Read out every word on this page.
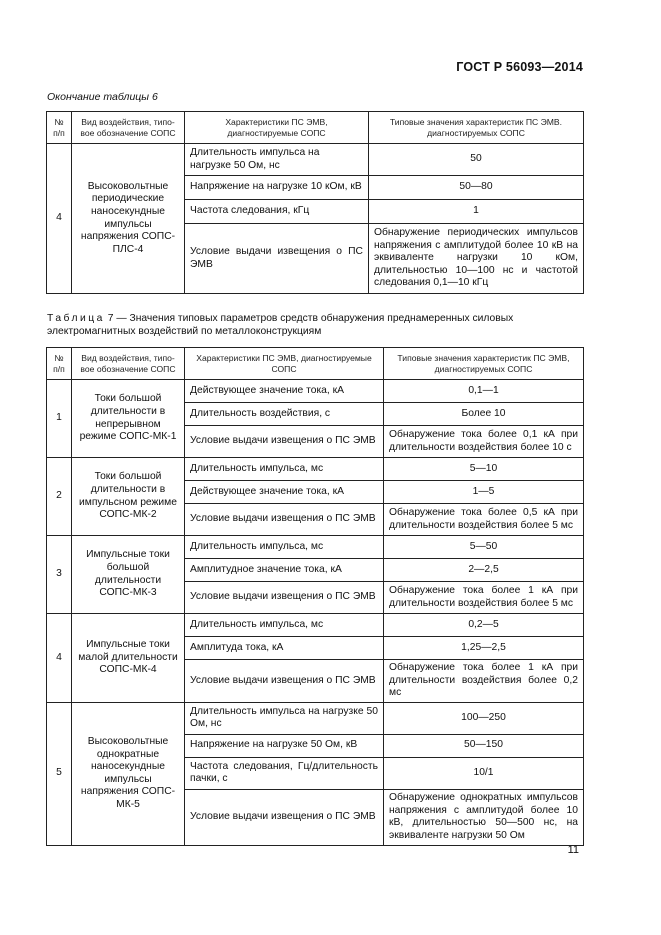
ГОСТ Р 56093—2014
Окончание таблицы 6
№ п/п	Вид воздействия, типо-вое обозначение СОПС	Характеристики ПС ЭМВ, диагностируемые СОПС	Типовые значения характеристик ПС ЭМВ. диагностируемых СОПС
4	Высоковольтные периодические наносекундные импульсы напряжения СОПС-ПЛС-4	Длительность импульса на нагрузке 50 Ом, нс	50
		Напряжение на нагрузке 10 кОм, кВ	50—80
		Частота следования, кГц	1
		Условие выдачи извещения о ПС ЭМВ	Обнаружение периодических импульсов напряжения с амплитудой более 10 кВ на эквиваленте нагрузки 10 кОм, длительностью 10—100 нс и частотой следования 0,1—10 кГц
Таблица 7 — Значения типовых параметров средств обнаружения преднамеренных силовых электромагнитных воздействий по металлоконструкциям
№ п/п	Вид воздействия, типо-вое обозначение СОПС	Характеристики ПС ЭМВ, диагностируемые СОПС	Типовые значения характеристик ПС ЭМВ, диагностируемых СОПС
1	Токи большой длительности в непрерывном режиме СОПС-МК-1	Действующее значение тока, кА	0,1—1
		Длительность воздействия, с	Более 10
		Условие выдачи извещения о ПС ЭМВ	Обнаружение тока более 0,1 кА при длительности воздействия более 10 с
2	Токи большой длительности в импульсном режиме СОПС-МК-2	Длительность импульса, мс	5—10
		Действующее значение тока, кА	1—5
		Условие выдачи извещения о ПС ЭМВ	Обнаружение тока более 0,5 кА при длительности воздействия более 5 мс
3	Импульсные токи большой длительности СОПС-МК-3	Длительность импульса, мс	5—50
		Амплитудное значение тока, кА	2—2,5
		Условие выдачи извещения о ПС ЭМВ	Обнаружение тока более 1 кА при длительности воздействия более 5 мс
4	Импульсные токи малой длительности СОПС-МК-4	Длительность импульса, мс	0,2—5
		Амплитуда тока, кА	1,25—2,5
		Условие выдачи извещения о ПС ЭМВ	Обнаружение тока более 1 кА при длительности воздействия более 0,2 мс
5	Высоковольтные однократные наносекундные импульсы напряжения СОПС-МК-5	Длительность импульса на нагрузке 50 Ом, нс	100—250
		Напряжение на нагрузке 50 Ом, кВ	50—150
		Частота следования, Гц/длительность пачки, с	10/1
		Условие выдачи извещения о ПС ЭМВ	Обнаружение однократных импульсов напряжения с амплитудой более 10 кВ, длительностью 50—500 нс, на эквиваленте нагрузки 50 Ом
11
